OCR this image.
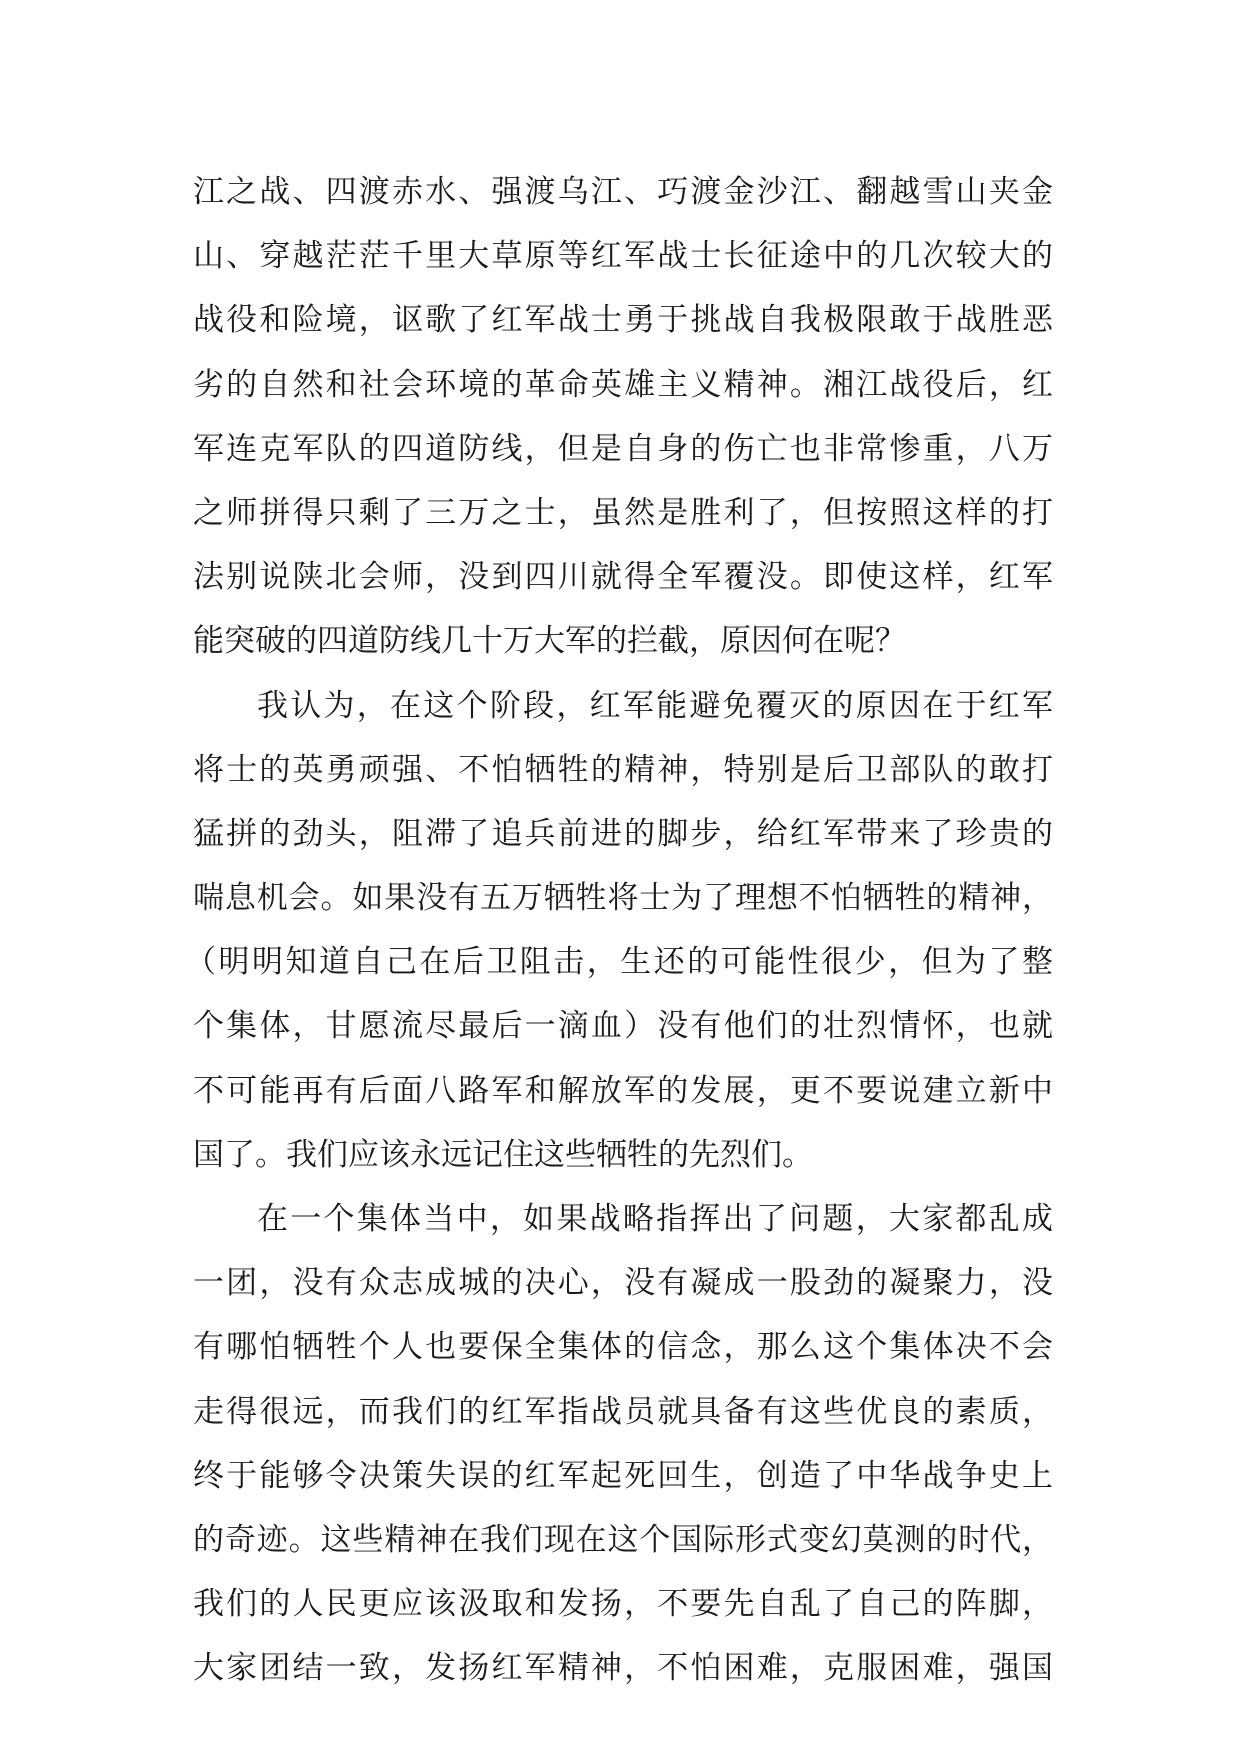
江之战、四渡赤水、强渡乌江、巧渡金沙江、翻越雪山夹金
山、穿越茫茫千里大草原等红军战士长征途中的几次较大的
战役和险境，讴歌了红军战士勇于挑战自我极限敢于战胜恶
劣的自然和社会环境的革命英雄主义精神。湘江战役后，红
军连克军队的四道防线，但是自身的伤亡也非常惨重，八万
之师拼得只剩了三万之士，虽然是胜利了，但按照这样的打
法别说陕北会师，没到四川就得全军覆没。即使这样，红军
能突破的四道防线几十万大军的拦截，原因何在呢？
我认为，在这个阶段，红军能避免覆灭的原因在于红军
将士的英勇顽强、不怕牺牲的精神，特别是后卫部队的敢打
猛拼的劲头，阻滞了追兵前进的脚步，给红军带来了珍贵的
喘息机会。如果没有五万牺牲将士为了理想不怕牺牲的精神，
（明明知道自己在后卫阻击，生还的可能性很少，但为了整
个集体，甘愿流尽最后一滴血）没有他们的壮烈情怀，也就
不可能再有后面八路军和解放军的发展，更不要说建立新中
国了。我们应该永远记住这些牺牲的先烈们。
在一个集体当中，如果战略指挥出了问题，大家都乱成
一团，没有众志成城的决心，没有凝成一股劲的凝聚力，没
有哪怕牺牲个人也要保全集体的信念，那么这个集体决不会
走得很远，而我们的红军指战员就具备有这些优良的素质，
终于能够令决策失误的红军起死回生，创造了中华战争史上
的奇迹。这些精神在我们现在这个国际形式变幻莫测的时代，
我们的人民更应该汲取和发扬，不要先自乱了自己的阵脚，
大家团结一致，发扬红军精神，不怕困难，克服困难，强国
